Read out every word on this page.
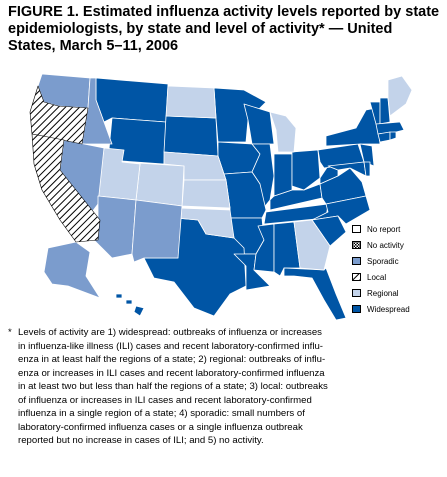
FIGURE 1. Estimated influenza activity levels reported by state epidemiologists, by state and level of activity* — United States, March 5–11, 2006
No report
No activity
Sporadic
Local
Regional
Widespread
* Levels of activity are 1) widespread: outbreaks of influenza or increases
in influenza-like illness (ILI) cases and recent laboratory-confirmed influ-
enza in at least half the regions of a state; 2) regional: outbreaks of influ-
enza or increases in ILI cases and recent laboratory-confirmed influenza
in at least two but less than half the regions of a state; 3) local: outbreaks
of influenza or increases in ILI cases and recent laboratory-confirmed
influenza in a single region of a state; 4) sporadic: small numbers of
laboratory-confirmed influenza cases or a single influenza outbreak
reported but no increase in cases of ILI; and 5) no activity.
